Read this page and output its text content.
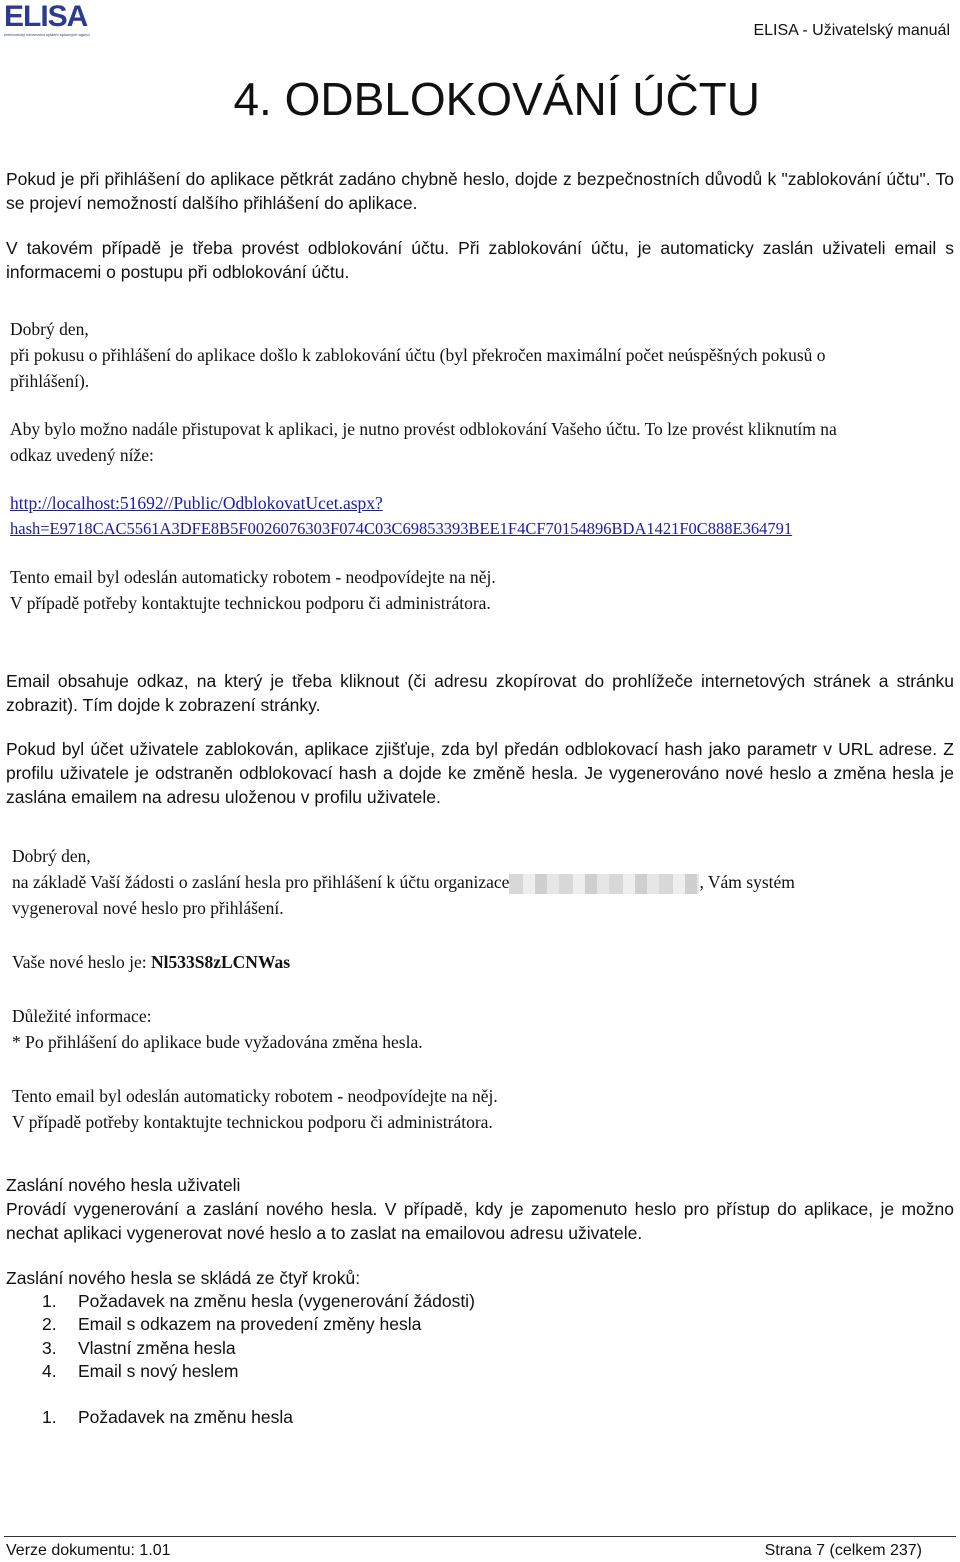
ELISA
elektronický informační systém spisových agend	ELISA - Uživatelský manuál
4. ODBLOKOVÁNÍ ÚČTU

Pokud je při přihlášení do aplikace pětkrát zadáno chybně heslo, dojde z bezpečnostních důvodů k "zablokování účtu". To se projeví nemožností dalšího přihlášení do aplikace.

V takovém případě je třeba provést odblokování účtu. Při zablokování účtu, je automaticky zaslán uživateli email s informacemi o postupu při odblokování účtu.

Dobrý den,
při pokusu o přihlášení do aplikace došlo k zablokování účtu (byl překročen maximální počet neúspěšných pokusů o
přihlášení).
Aby bylo možno nadále přistupovat k aplikaci, je nutno provést odblokování Vašeho účtu. To lze provést kliknutím na
odkaz uvedený níže:
http://localhost:51692//Public/OdblokovatUcet.aspx?
hash=E9718CAC5561A3DFE8B5F0026076303F074C03C69853393BEE1F4CF70154896BDA1421F0C888E364791
Tento email byl odeslán automaticky robotem - neodpovídejte na něj.
V případě potřeby kontaktujte technickou podporu či administrátora.

Email obsahuje odkaz, na který je třeba kliknout (či adresu zkopírovat do prohlížeče internetových stránek a stránku zobrazit). Tím dojde k zobrazení stránky.

Pokud byl účet uživatele zablokován, aplikace zjišťuje, zda byl předán odblokovací hash jako parametr v URL adrese. Z profilu uživatele je odstraněn odblokovací hash a dojde ke změně hesla. Je vygenerováno nové heslo a změna hesla je zaslána emailem na adresu uloženou v profilu uživatele.

Dobrý den,
na základě Vaší žádosti o zaslání hesla pro přihlášení k účtu organizace	, Vám systém
vygeneroval nové heslo pro přihlášení.
Vaše nové heslo je: Nl533S8zLCNWas
Důležité informace:
* Po přihlášení do aplikace bude vyžadována změna hesla.
Tento email byl odeslán automaticky robotem - neodpovídejte na něj.
V případě potřeby kontaktujte technickou podporu či administrátora.

Zaslání nového hesla uživateli

Provádí vygenerování a zaslání nového hesla. V případě, kdy je zapomenuto heslo pro přístup do aplikace, je možno nechat aplikaci vygenerovat nové heslo a to zaslat na emailovou adresu uživatele.

Zaslání nového hesla se skládá ze čtyř kroků:

1.	Požadavek na změnu hesla (vygenerování žádosti)
2.	Email s odkazem na provedení změny hesla
3.	Vlastní změna hesla
4.	Email s nový heslem
1.	Požadavek na změnu hesla
Verze dokumentu: 1.01	Strana 7 (celkem 237)
